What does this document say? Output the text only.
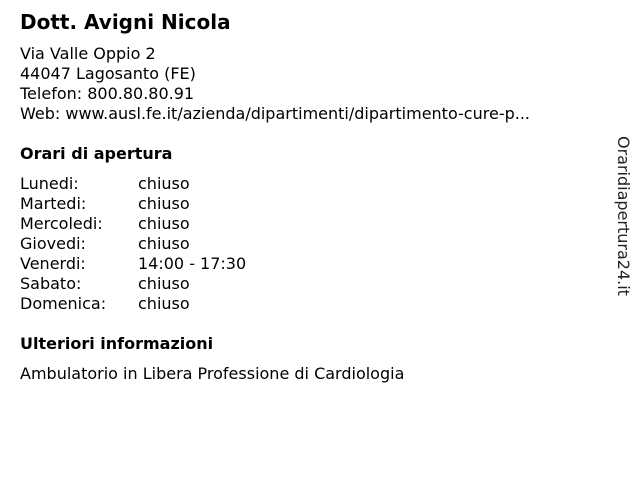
Dott. Avigni Nicola
Via Valle Oppio 2
44047 Lagosanto (FE)
Telefon: 800.80.80.91
Web: www.ausl.fe.it/azienda/dipartimenti/dipartimento-cure-p...
Orari di apertura
Lunedi:	chiuso
Martedi:	chiuso
Mercoledi: chiuso
Giovedi:	chiuso
Venerdi:	14:00 - 17:30
Sabato:	chiuso
Domenica: chiuso
Ulteriori informazioni
Ambulatorio in Libera Professione di Cardiologia
Oraridiapertura24.it
